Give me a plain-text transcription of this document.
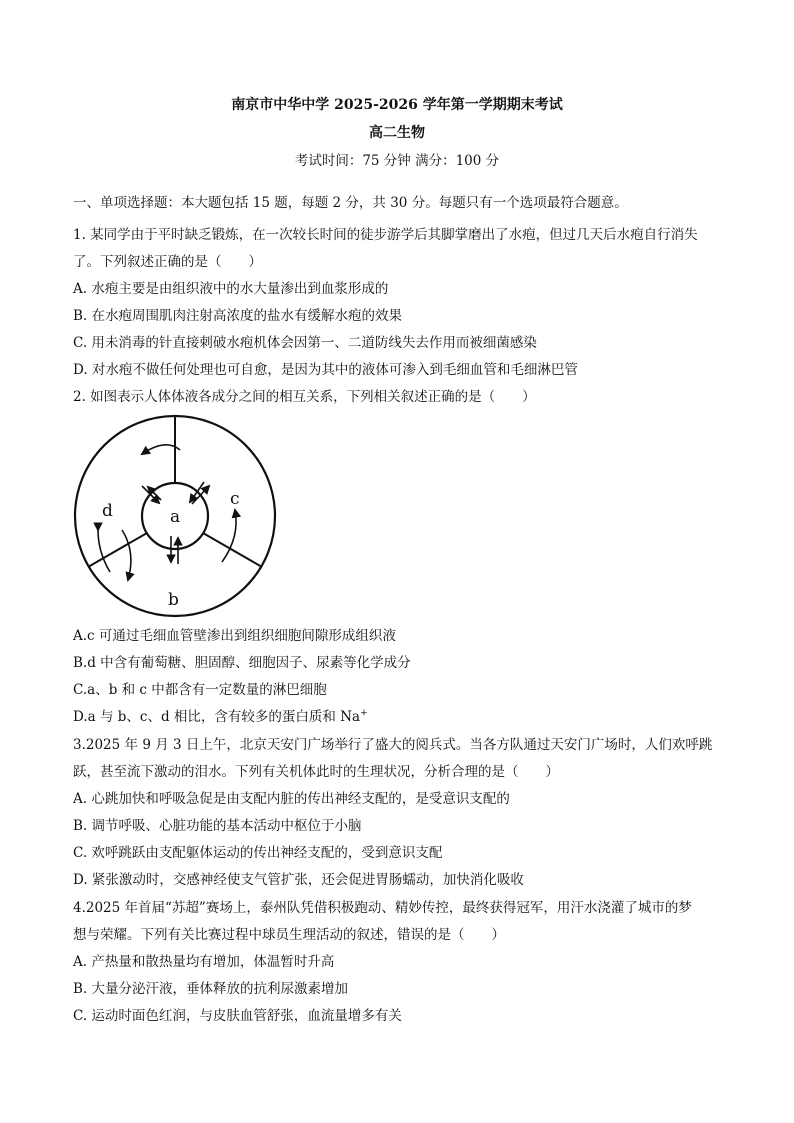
南京市中华中学 2025-2026 学年第一学期期末考试
高二生物
考试时间：75 分钟 满分：100 分
一、单项选择题：本大题包括 15 题，每题 2 分，共 30 分。每题只有一个选项最符合题意。
1. 某同学由于平时缺乏锻炼，在一次较长时间的徒步游学后其脚掌磨出了水疱，但过几天后水疱自行消失
了。下列叙述正确的是（　　）
A. 水疱主要是由组织液中的水大量渗出到血浆形成的
B. 在水疱周围肌肉注射高浓度的盐水有缓解水疱的效果
C. 用未消毒的针直接刺破水疱机体会因第一、二道防线失去作用而被细菌感染
D. 对水疱不做任何处理也可自愈，是因为其中的液体可渗入到毛细血管和毛细淋巴管
2. 如图表示人体体液各成分之间的相互关系，下列相关叙述正确的是（　　）
a
b
c
d
A.c 可通过毛细血管壁渗出到组织细胞间隙形成组织液
B.d 中含有葡萄糖、胆固醇、细胞因子、尿素等化学成分
C.a、b 和 c 中都含有一定数量的淋巴细胞
D.a 与 b、c、d 相比，含有较多的蛋白质和 Na+
3.2025 年 9 月 3 日上午，北京天安门广场举行了盛大的阅兵式。当各方队通过天安门广场时，人们欢呼跳
跃，甚至流下激动的泪水。下列有关机体此时的生理状况，分析合理的是（　　）
A. 心跳加快和呼吸急促是由支配内脏的传出神经支配的，是受意识支配的
B. 调节呼吸、心脏功能的基本活动中枢位于小脑
C. 欢呼跳跃由支配躯体运动的传出神经支配的，受到意识支配
D. 紧张激动时，交感神经使支气管扩张，还会促进胃肠蠕动，加快消化吸收
4.2025 年首届“苏超”赛场上，泰州队凭借积极跑动、精妙传控，最终获得冠军，用汗水浇灌了城市的梦
想与荣耀。下列有关比赛过程中球员生理活动的叙述，错误的是（　　）
A. 产热量和散热量均有增加，体温暂时升高
B. 大量分泌汗液，垂体释放的抗利尿激素增加
C. 运动时面色红润，与皮肤血管舒张，血流量增多有关
